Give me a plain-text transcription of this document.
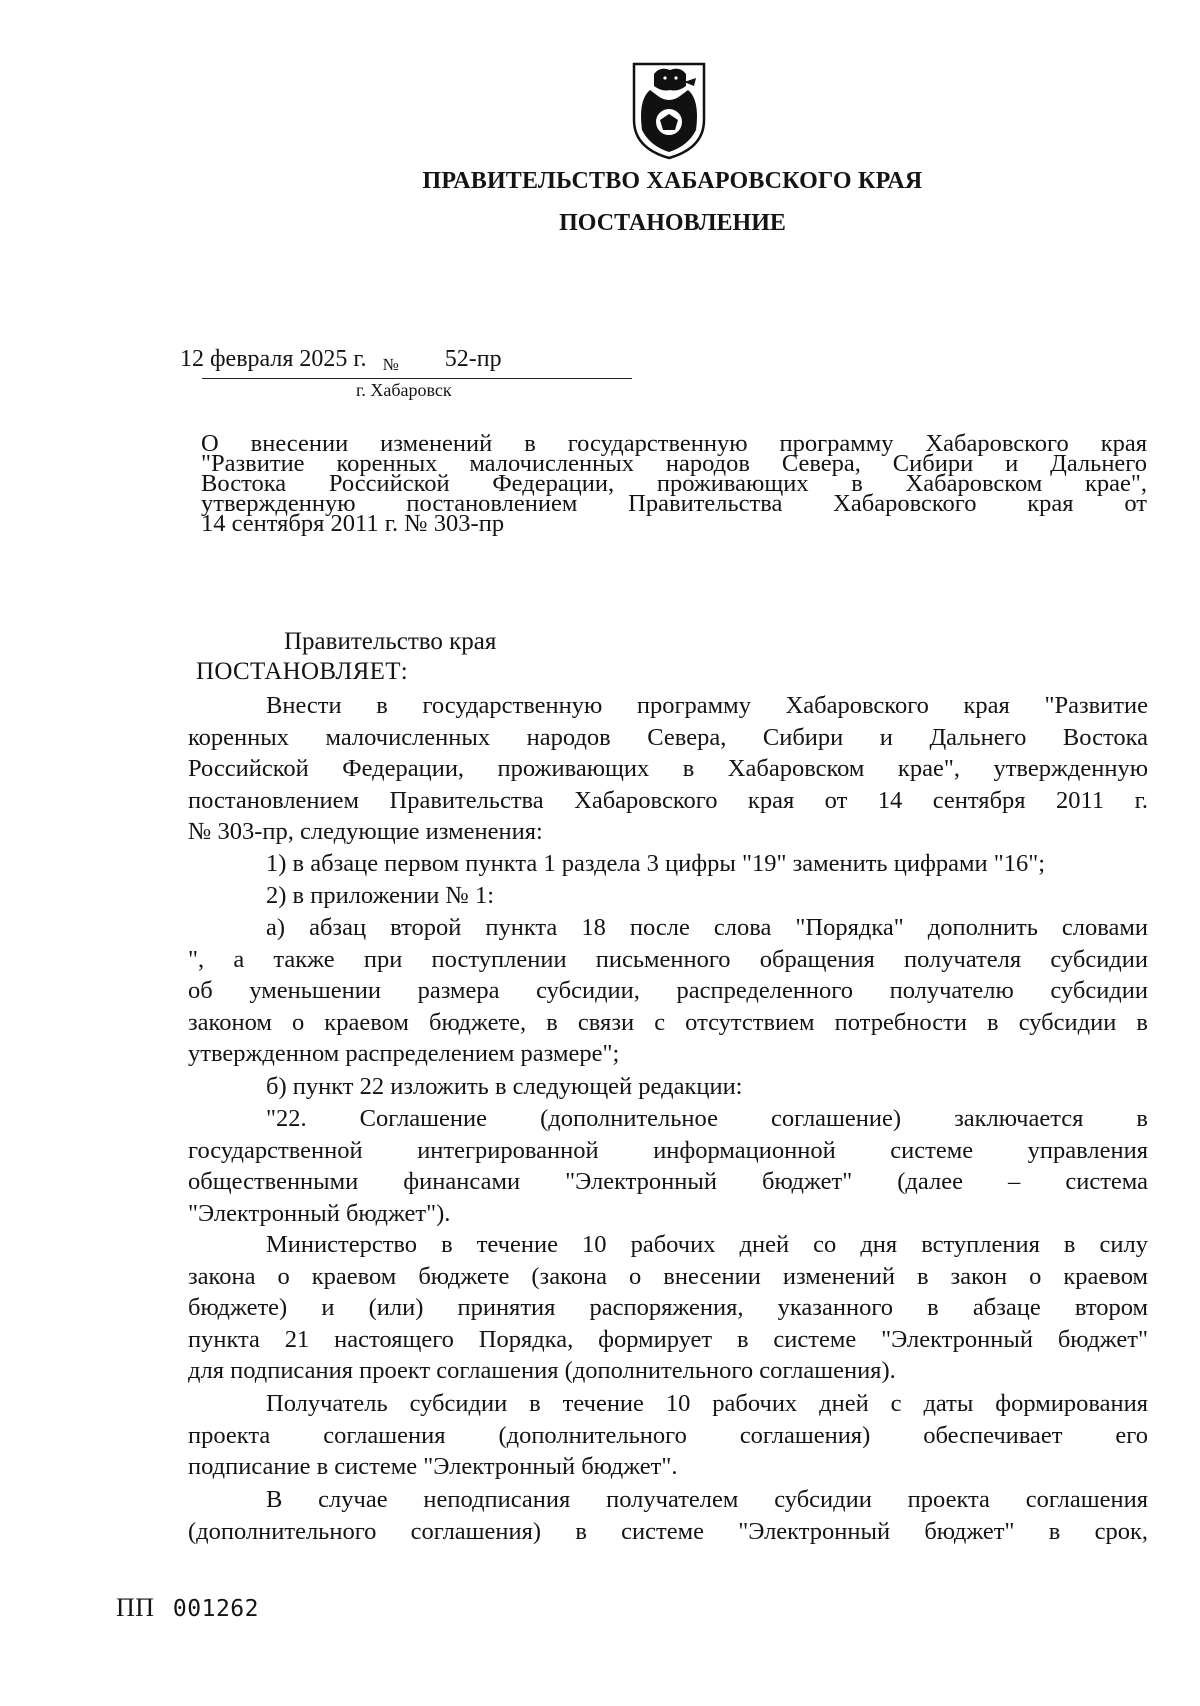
ПРАВИТЕЛЬСТВО ХАБАРОВСКОГО КРАЯ
ПОСТАНОВЛЕНИЕ
12 февраля 2025 г. № 52-пр
г. Хабаровск
О внесении изменений в государственную программу Хабаровского края
"Развитие коренных малочисленных народов Севера, Сибири и Дальнего
Востока Российской Федерации, проживающих в Хабаровском крае",
утвержденную постановлением Правительства Хабаровского края от
14 сентября 2011 г. № 303-пр
Правительство края
ПОСТАНОВЛЯЕТ:
Внести в государственную программу Хабаровского края "Развитие
коренных малочисленных народов Севера, Сибири и Дальнего Востока
Российской Федерации, проживающих в Хабаровском крае", утвержденную
постановлением Правительства Хабаровского края от 14 сентября 2011 г.
№ 303-пр, следующие изменения:
1) в абзаце первом пункта 1 раздела 3 цифры "19" заменить цифрами "16";
2) в приложении № 1:
а) абзац второй пункта 18 после слова "Порядка" дополнить словами
", а также при поступлении письменного обращения получателя субсидии
об уменьшении размера субсидии, распределенного получателю субсидии
законом о краевом бюджете, в связи с отсутствием потребности в субсидии в
утвержденном распределением размере";
б) пункт 22 изложить в следующей редакции:
"22. Соглашение (дополнительное соглашение) заключается в
государственной интегрированной информационной системе управления
общественными финансами "Электронный бюджет" (далее – система
"Электронный бюджет").
Министерство в течение 10 рабочих дней со дня вступления в силу
закона о краевом бюджете (закона о внесении изменений в закон о краевом
бюджете) и (или) принятия распоряжения, указанного в абзаце втором
пункта 21 настоящего Порядка, формирует в системе "Электронный бюджет"
для подписания проект соглашения (дополнительного соглашения).
Получатель субсидии в течение 10 рабочих дней с даты формирования
проекта соглашения (дополнительного соглашения) обеспечивает его
подписание в системе "Электронный бюджет".
В случае неподписания получателем субсидии проекта соглашения
(дополнительного соглашения) в системе "Электронный бюджет" в срок,
ПП 001262
